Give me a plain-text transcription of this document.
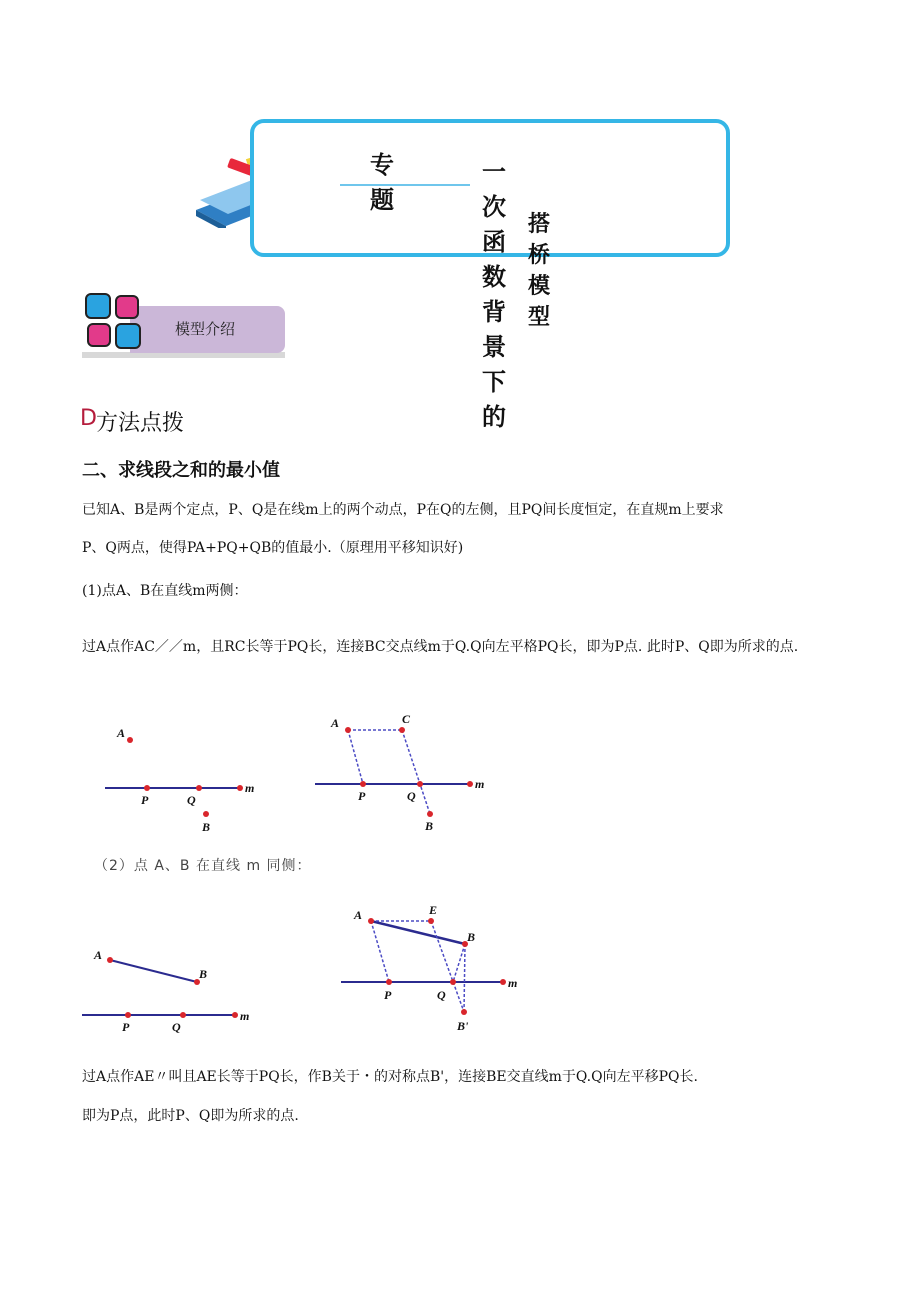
专 题
一次函数背景下的
搭桥模型
模型介绍
D 方法点拨
二、求线段之和的最小值
已知A、B是两个定点，P、Q是在线m上的两个动点，P在Q的左侧，且PQ间长度恒定，在直规m上要求
P、Q两点，使得PA+PQ+QB的值最小.（原理用平移知识好)
(1)点A、B在直线m两侧：
过A点作AC／／m，且RC长等于PQ长，连接BC交点线m于Q.Q向左平格PQ长，即为P点. 此时P、Q即为所求的点.
A
P	Q
m
B
A	C
P	Q
m
B
（2）点 A、B 在直线 m 同侧：
A
B
P	Q
m
A	E
B
P	Q
m
B'
过A点作AE〃叫且AE长等于PQ长，作B关于・的对称点B'，连接BE交直线m于Q.Q向左平移PQ长.
即为P点，此时P、Q即为所求的点.
